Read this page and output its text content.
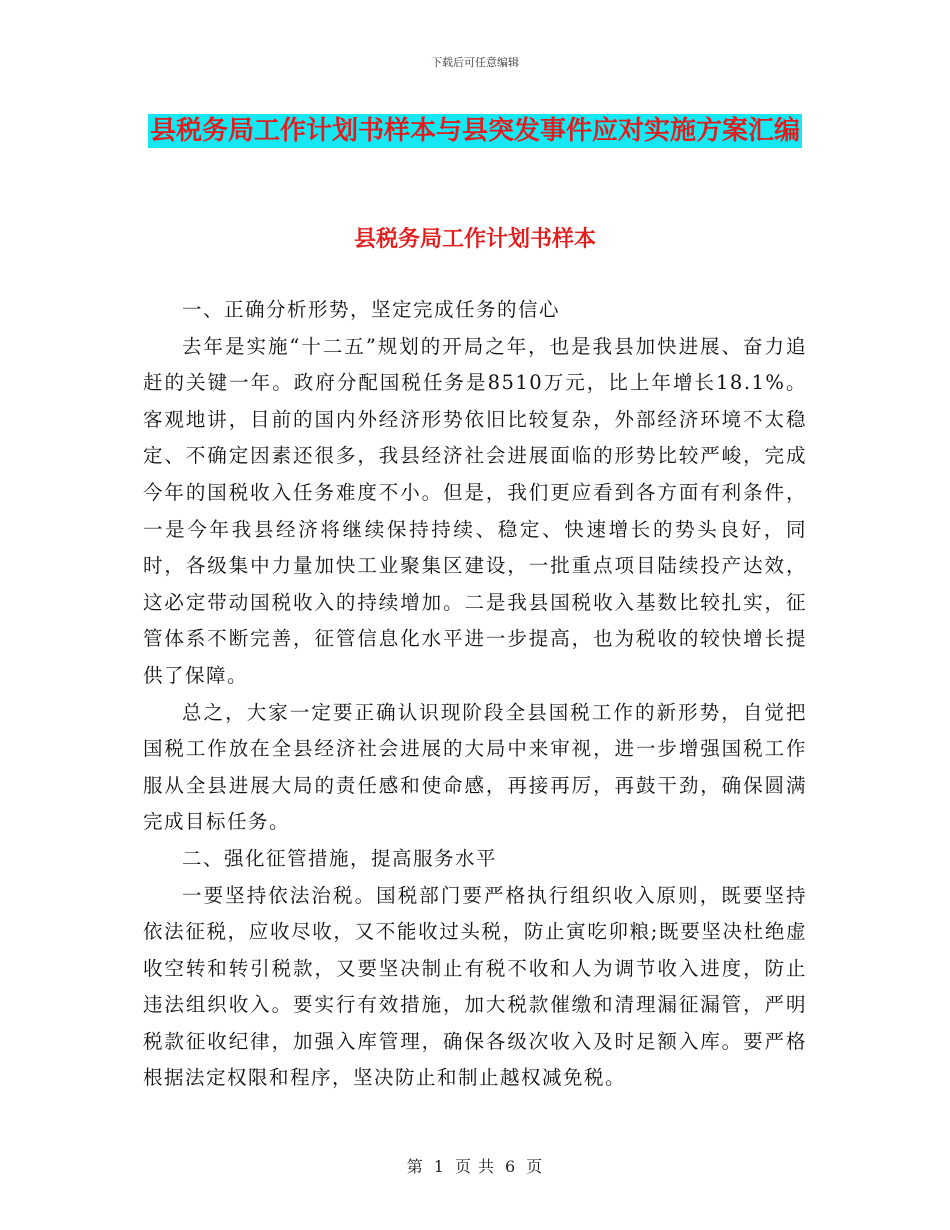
下载后可任意编辑
县税务局工作计划书样本与县突发事件应对实施方案汇编
县税务局工作计划书样本

一、正确分析形势，坚定完成任务的信心

去年是实施“十二五”规划的开局之年，也是我县加快进展、奋力追赶的关键一年。政府分配国税任务是8510万元，比上年增长18.1%。客观地讲，目前的国内外经济形势依旧比较复杂，外部经济环境不太稳定、不确定因素还很多，我县经济社会进展面临的形势比较严峻，完成今年的国税收入任务难度不小。但是，我们更应看到各方面有利条件，一是今年我县经济将继续保持持续、稳定、快速增长的势头良好，同时，各级集中力量加快工业聚集区建设，一批重点项目陆续投产达效，这必定带动国税收入的持续增加。二是我县国税收入基数比较扎实，征管体系不断完善，征管信息化水平进一步提高，也为税收的较快增长提供了保障。

总之，大家一定要正确认识现阶段全县国税工作的新形势，自觉把国税工作放在全县经济社会进展的大局中来审视，进一步增强国税工作服从全县进展大局的责任感和使命感，再接再厉，再鼓干劲，确保圆满完成目标任务。

二、强化征管措施，提高服务水平

一要坚持依法治税。国税部门要严格执行组织收入原则，既要坚持依法征税，应收尽收，又不能收过头税，防止寅吃卯粮;既要坚决杜绝虚收空转和转引税款，又要坚决制止有税不收和人为调节收入进度，防止违法组织收入。要实行有效措施，加大税款催缴和清理漏征漏管，严明税款征收纪律，加强入库管理，确保各级次收入及时足额入库。要严格根据法定权限和程序，坚决防止和制止越权减免税。

第 1 页 共 6 页
